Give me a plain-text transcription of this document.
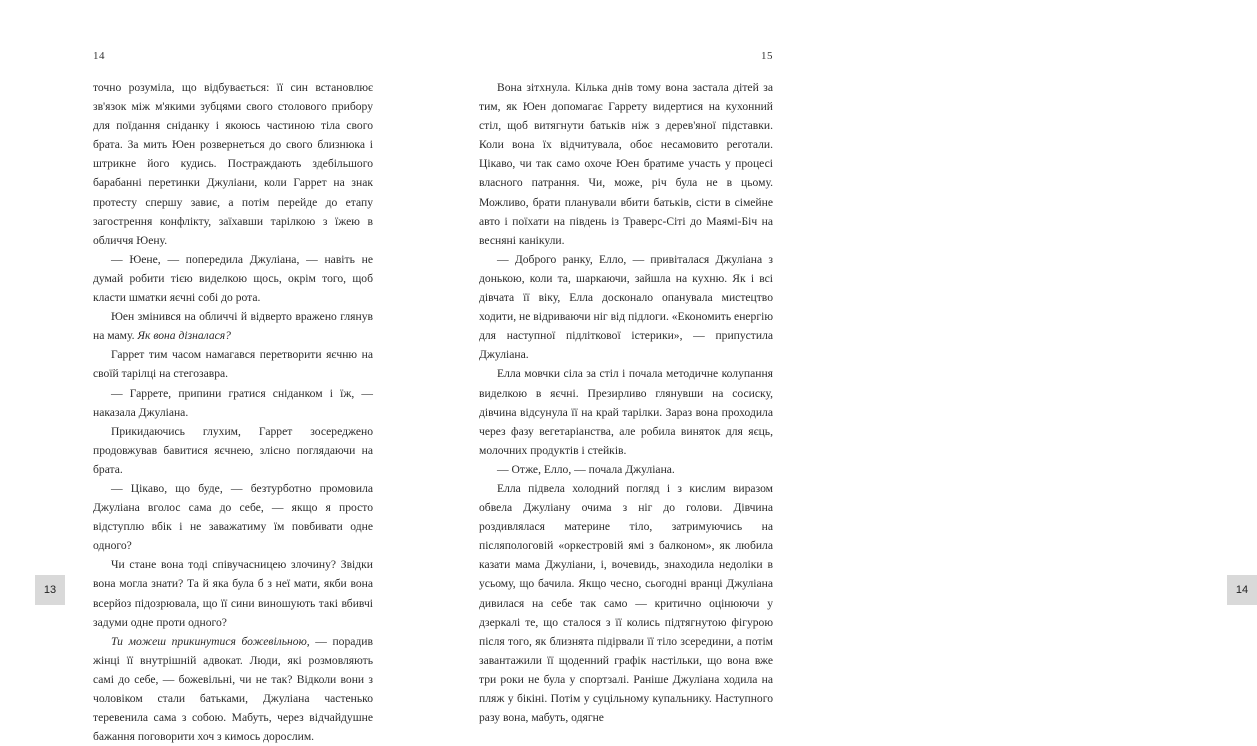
14

точно розуміла, що відбувається: її син встановлює зв'язок між м'якими зубцями свого столового прибору для поїдання сніданку і якоюсь частиною тіла свого брата. За мить Юен розвернеться до свого близнюка і штрикне його кудись. Постраждають здебільшого барабанні перетинки Джуліани, коли Гаррет на знак протесту спершу завиє, а потім перейде до етапу загострення конфлікту, заїхавши тарілкою з їжею в обличчя Юену.

— Юене, — попередила Джуліана, — навіть не думай робити тією виделкою щось, окрім того, щоб класти шматки яєчні собі до рота.

Юен змінився на обличчі й відверто вражено глянув на маму. Як вона дізналася?

Гаррет тим часом намагався перетворити яєчню на своїй тарілці на стегозавра.

— Гаррете, припини гратися сніданком і їж, — наказала Джуліана.

Прикидаючись глухим, Гаррет зосереджено продовжував бавитися яєчнею, злісно поглядаючи на брата.

— Цікаво, що буде, — безтурботно промовила Джуліана вголос сама до себе, — якщо я просто відступлю вбік і не заважатиму їм повбивати одне одного?

Чи стане вона тоді співучасницею злочину? Звідки вона могла знати? Та й яка була б з неї мати, якби вона всерйоз підозрювала, що її сини виношують такі вбивчі задуми одне проти одного?

Ти можеш прикинутися божевільною, — порадив жінці її внутрішній адвокат. Люди, які розмовляють самі до себе, — божевільні, чи не так? Відколи вони з чоловіком стали батьками, Джуліана частенько теревенила сама з собою. Мабуть, через відчайдушне бажання поговорити хоч з кимось дорослим.

13
15

Вона зітхнула. Кілька днів тому вона застала дітей за тим, як Юен допомагає Гаррету видертися на кухонний стіл, щоб витягнути батьків ніж з дерев'яної підставки. Коли вона їх відчитувала, обоє несамовито реготали. Цікаво, чи так само охоче Юен братиме участь у процесі власного патрання. Чи, може, річ була не в цьому. Можливо, брати планували вбити батьків, сісти в сімейне авто і поїхати на південь із Траверс-Сіті до Маямі-Біч на весняні канікули.

— Доброго ранку, Елло, — привіталася Джуліана з донькою, коли та, шаркаючи, зайшла на кухню. Як і всі дівчата її віку, Елла досконало опанувала мистецтво ходити, не відриваючи ніг від підлоги. «Економить енергію для наступної підліткової істерики», — припустила Джуліана.

Елла мовчки сіла за стіл і почала методичне колупання виделкою в яєчні. Презирливо глянувши на сосиску, дівчина відсунула її на край тарілки. Зараз вона проходила через фазу вегетаріанства, але робила виняток для яєць, молочних продуктів і стейків.

— Отже, Елло, — почала Джуліана.

Елла підвела холодний погляд і з кислим виразом обвела Джуліану очима з ніг до голови. Дівчина роздивлялася материне тіло, затримуючись на післяпологовій «оркестровій ямі з балконом», як любила казати мама Джуліани, і, вочевидь, знаходила недоліки в усьому, що бачила. Якщо чесно, сьогодні вранці Джуліана дивилася на себе так само — критично оцінюючи у дзеркалі те, що сталося з її колись підтягнутою фігурою після того, як близнята підірвали її тіло зсередини, а потім завантажили її щоденний графік настільки, що вона вже три роки не була у спортзалі. Раніше Джуліана ходила на пляж у бікіні. Потім у суцільному купальнику. Наступного разу вона, мабуть, одягне

14
